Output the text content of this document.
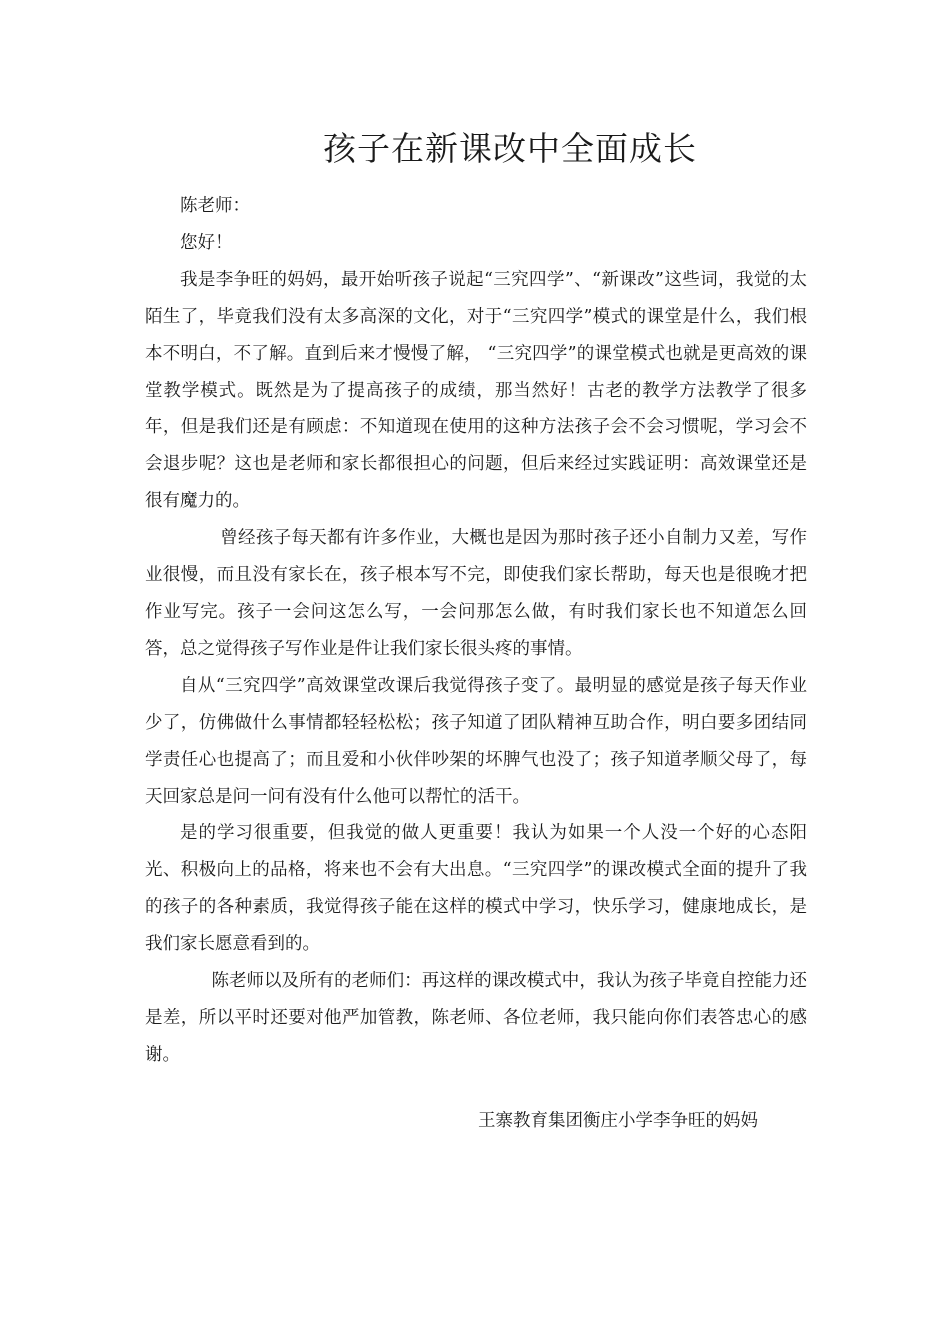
孩子在新课改中全面成长

陈老师：

您好！

我是李争旺的妈妈，最开始听孩子说起“三究四学”、“新课改”这些词，我觉的太陌生了，毕竟我们没有太多高深的文化，对于“三究四学”模式的课堂是什么，我们根本不明白，不了解。直到后来才慢慢了解， “三究四学”的课堂模式也就是更高效的课堂教学模式。既然是为了提高孩子的成绩，那当然好！古老的教学方法教学了很多年，但是我们还是有顾虑：不知道现在使用的这种方法孩子会不会习惯呢，学习会不会退步呢？这也是老师和家长都很担心的问题，但后来经过实践证明：高效课堂还是很有魔力的。

曾经孩子每天都有许多作业，大概也是因为那时孩子还小自制力又差，写作业很慢，而且没有家长在，孩子根本写不完，即使我们家长帮助，每天也是很晚才把作业写完。孩子一会问这怎么写，一会问那怎么做，有时我们家长也不知道怎么回答，总之觉得孩子写作业是件让我们家长很头疼的事情。

自从“三究四学”高效课堂改课后我觉得孩子变了。最明显的感觉是孩子每天作业少了，仿佛做什么事情都轻轻松松；孩子知道了团队精神互助合作，明白要多团结同学责任心也提高了；而且爱和小伙伴吵架的坏脾气也没了；孩子知道孝顺父母了，每天回家总是问一问有没有什么他可以帮忙的活干。

是的学习很重要，但我觉的做人更重要！我认为如果一个人没一个好的心态阳光、积极向上的品格，将来也不会有大出息。“三究四学”的课改模式全面的提升了我的孩子的各种素质，我觉得孩子能在这样的模式中学习，快乐学习，健康地成长，是我们家长愿意看到的。

陈老师以及所有的老师们：再这样的课改模式中，我认为孩子毕竟自控能力还是差，所以平时还要对他严加管教，陈老师、各位老师，我只能向你们表答忠心的感谢。

王寨教育集团衡庄小学李争旺的妈妈
